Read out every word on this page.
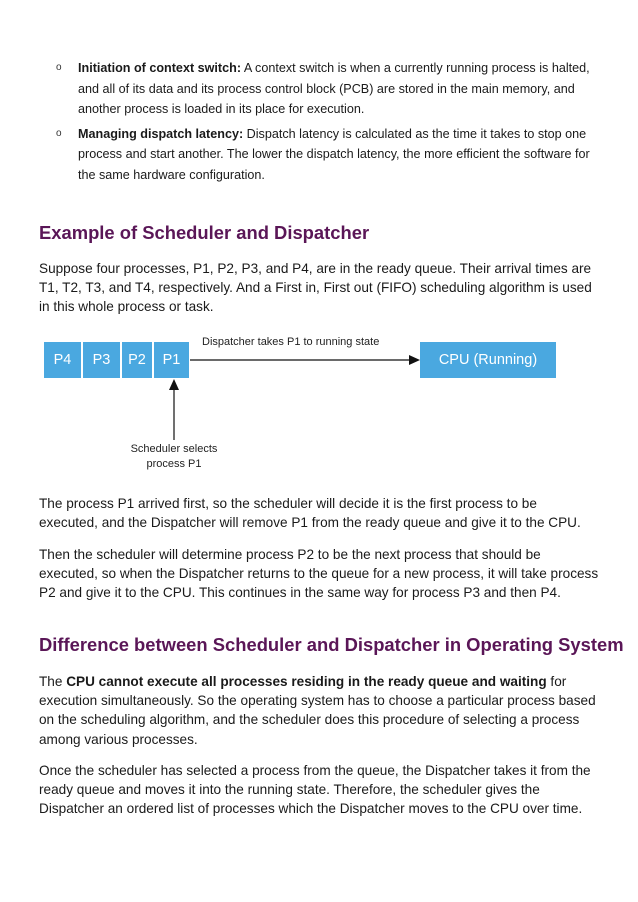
o Initiation of context switch: A context switch is when a currently running process is halted, and all of its data and its process control block (PCB) are stored in the main memory, and another process is loaded in its place for execution.
o Managing dispatch latency: Dispatch latency is calculated as the time it takes to stop one process and start another. The lower the dispatch latency, the more efficient the software for the same hardware configuration.
Example of Scheduler and Dispatcher

Suppose four processes, P1, P2, P3, and P4, are in the ready queue. Their arrival times are T1, T2, T3, and T4, respectively. And a First in, First out (FIFO) scheduling algorithm is used in this whole process or task.

P4	P3	P2	P1
Dispatcher takes P1 to running state
CPU (Running)
Scheduler selects process P1

The process P1 arrived first, so the scheduler will decide it is the first process to be executed, and the Dispatcher will remove P1 from the ready queue and give it to the CPU.

Then the scheduler will determine process P2 to be the next process that should be executed, so when the Dispatcher returns to the queue for a new process, it will take process P2 and give it to the CPU. This continues in the same way for process P3 and then P4.

Difference between Scheduler and Dispatcher in Operating System

The CPU cannot execute all processes residing in the ready queue and waiting for execution simultaneously. So the operating system has to choose a particular process based on the scheduling algorithm, and the scheduler does this procedure of selecting a process among various processes.

Once the scheduler has selected a process from the queue, the Dispatcher takes it from the ready queue and moves it into the running state. Therefore, the scheduler gives the Dispatcher an ordered list of processes which the Dispatcher moves to the CPU over time.
